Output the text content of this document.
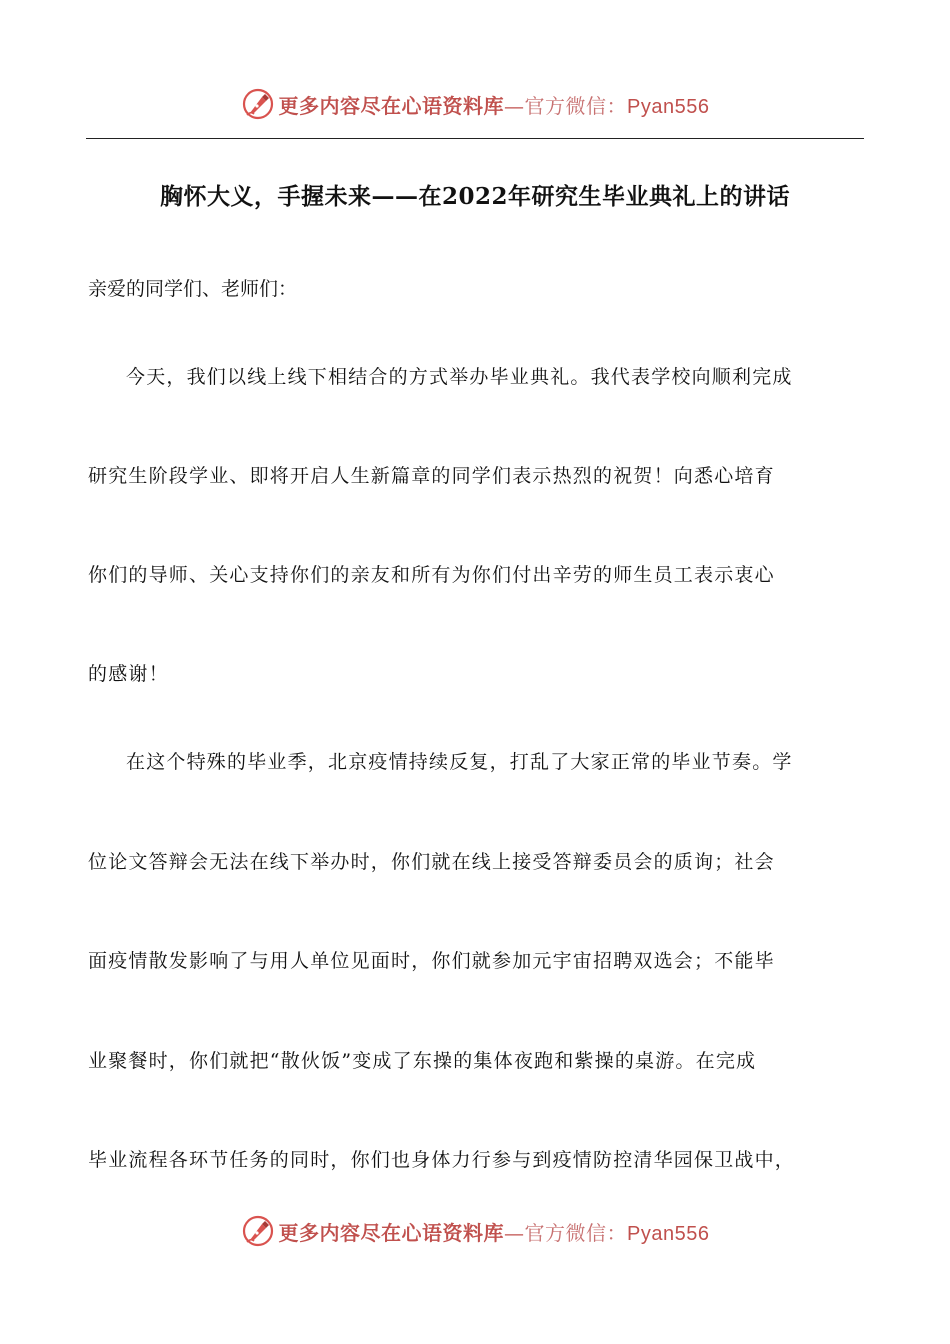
更多内容尽在心语资料库—官方微信：Pyan556
胸怀大义，手握未来——在2022年研究生毕业典礼上的讲话
亲爱的同学们、老师们：
今天，我们以线上线下相结合的方式举办毕业典礼。我代表学校向顺利完成
研究生阶段学业、即将开启人生新篇章的同学们表示热烈的祝贺！向悉心培育
你们的导师、关心支持你们的亲友和所有为你们付出辛劳的师生员工表示衷心
的感谢！
在这个特殊的毕业季，北京疫情持续反复，打乱了大家正常的毕业节奏。学
位论文答辩会无法在线下举办时，你们就在线上接受答辩委员会的质询；社会
面疫情散发影响了与用人单位见面时，你们就参加元宇宙招聘双选会；不能毕
业聚餐时，你们就把“散伙饭”变成了东操的集体夜跑和紫操的桌游。在完成
毕业流程各环节任务的同时，你们也身体力行参与到疫情防控清华园保卫战中，
更多内容尽在心语资料库—官方微信：Pyan556
